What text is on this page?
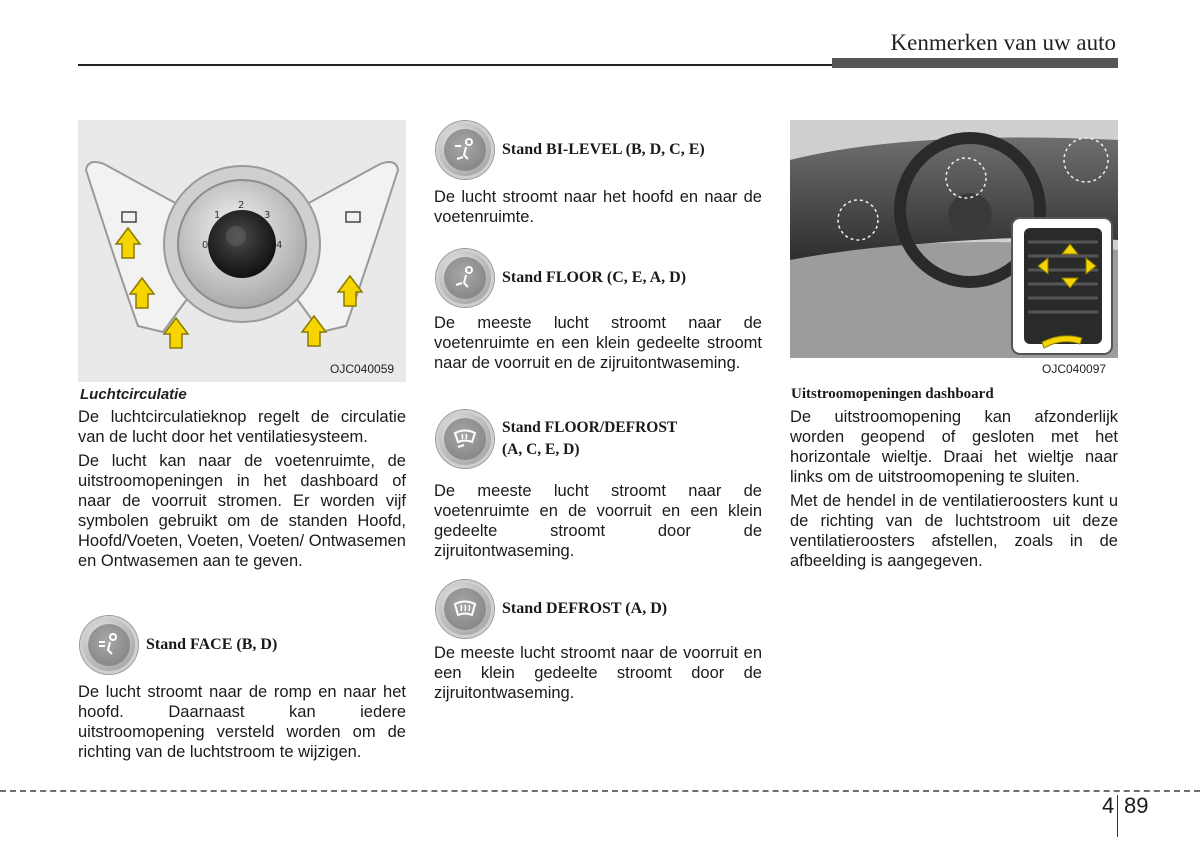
Kenmerken van uw auto
0
1
2
3
4
OJC040059
Luchtcirculatie

De luchtcirculatieknop regelt de circulatie van de lucht door het ventilatiesysteem.

De lucht kan naar de voetenruimte, de uitstroomopeningen in het dashboard of naar de voorruit stromen. Er worden vijf symbolen gebruikt om de standen Hoofd, Hoofd/Voeten, Voeten, Voeten/ Ontwasemen en Ontwasemen aan te geven.

Stand FACE (B, D)
De lucht stroomt naar de romp en naar het hoofd. Daarnaast kan iedere uitstroomopening versteld worden om de richting van de luchtstroom te wijzigen.
Stand BI-LEVEL (B, D, C, E)
De lucht stroomt naar het hoofd en naar de voetenruimte.
Stand FLOOR (C, E, A, D)
De meeste lucht stroomt naar de voetenruimte en een klein gedeelte stroomt naar de voorruit en de zijruitontwaseming.
Stand FLOOR/DEFROST
(A, C, E, D)
De meeste lucht stroomt naar de voetenruimte en de voorruit en een klein gedeelte stroomt door de zijruitontwaseming.
Stand DEFROST (A, D)
De meeste lucht stroomt naar de voorruit en een klein gedeelte stroomt door de zijruitontwaseming.
OJC040097
Uitstroomopeningen dashboard

De uitstroomopening kan afzonderlijk worden geopend of gesloten met het horizontale wieltje. Draai het wieltje naar links om de uitstroomopening te sluiten.

Met de hendel in de ventilatieroosters kunt u de richting van de luchtstroom uit deze ventilatieroosters afstellen, zoals in de afbeelding is aangegeven.

4 89
